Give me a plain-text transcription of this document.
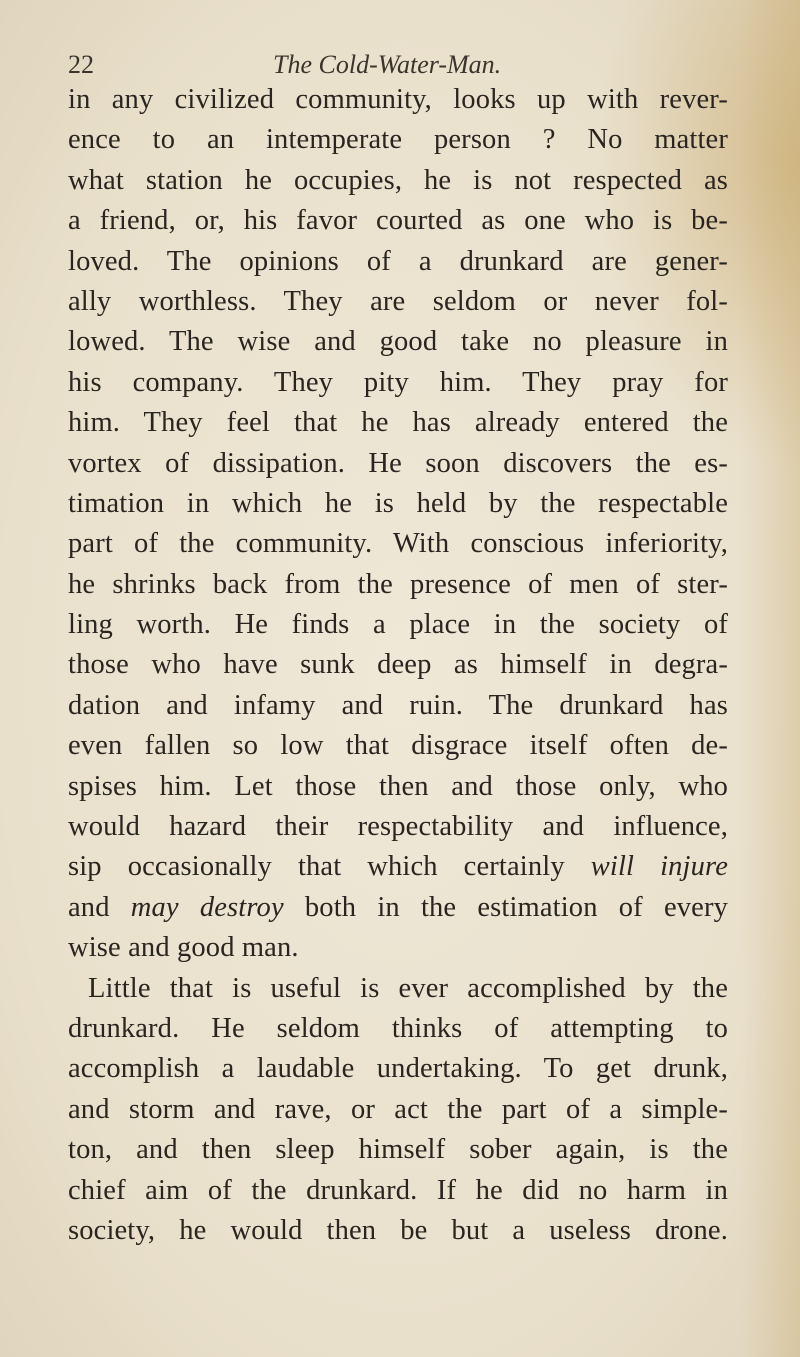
22	The Cold-Water-Man.
in any civilized community, looks up with rever-
ence to an intemperate person ? No matter
what station he occupies, he is not respected as
a friend, or, his favor courted as one who is be-
loved. The opinions of a drunkard are gener-
ally worthless. They are seldom or never fol-
lowed. The wise and good take no pleasure in
his company. They pity him. They pray for
him. They feel that he has already entered the
vortex of dissipation. He soon discovers the es-
timation in which he is held by the respectable
part of the community. With conscious inferiority,
he shrinks back from the presence of men of ster-
ling worth. He finds a place in the society of
those who have sunk deep as himself in degra-
dation and infamy and ruin. The drunkard has
even fallen so low that disgrace itself often de-
spises him. Let those then and those only, who
would hazard their respectability and influence,
sip occasionally that which certainly will injure
and may destroy both in the estimation of every
wise and good man.
Little that is useful is ever accomplished by the
drunkard. He seldom thinks of attempting to
accomplish a laudable undertaking. To get drunk,
and storm and rave, or act the part of a simple-
ton, and then sleep himself sober again, is the
chief aim of the drunkard. If he did no harm in
society, he would then be but a useless drone.
